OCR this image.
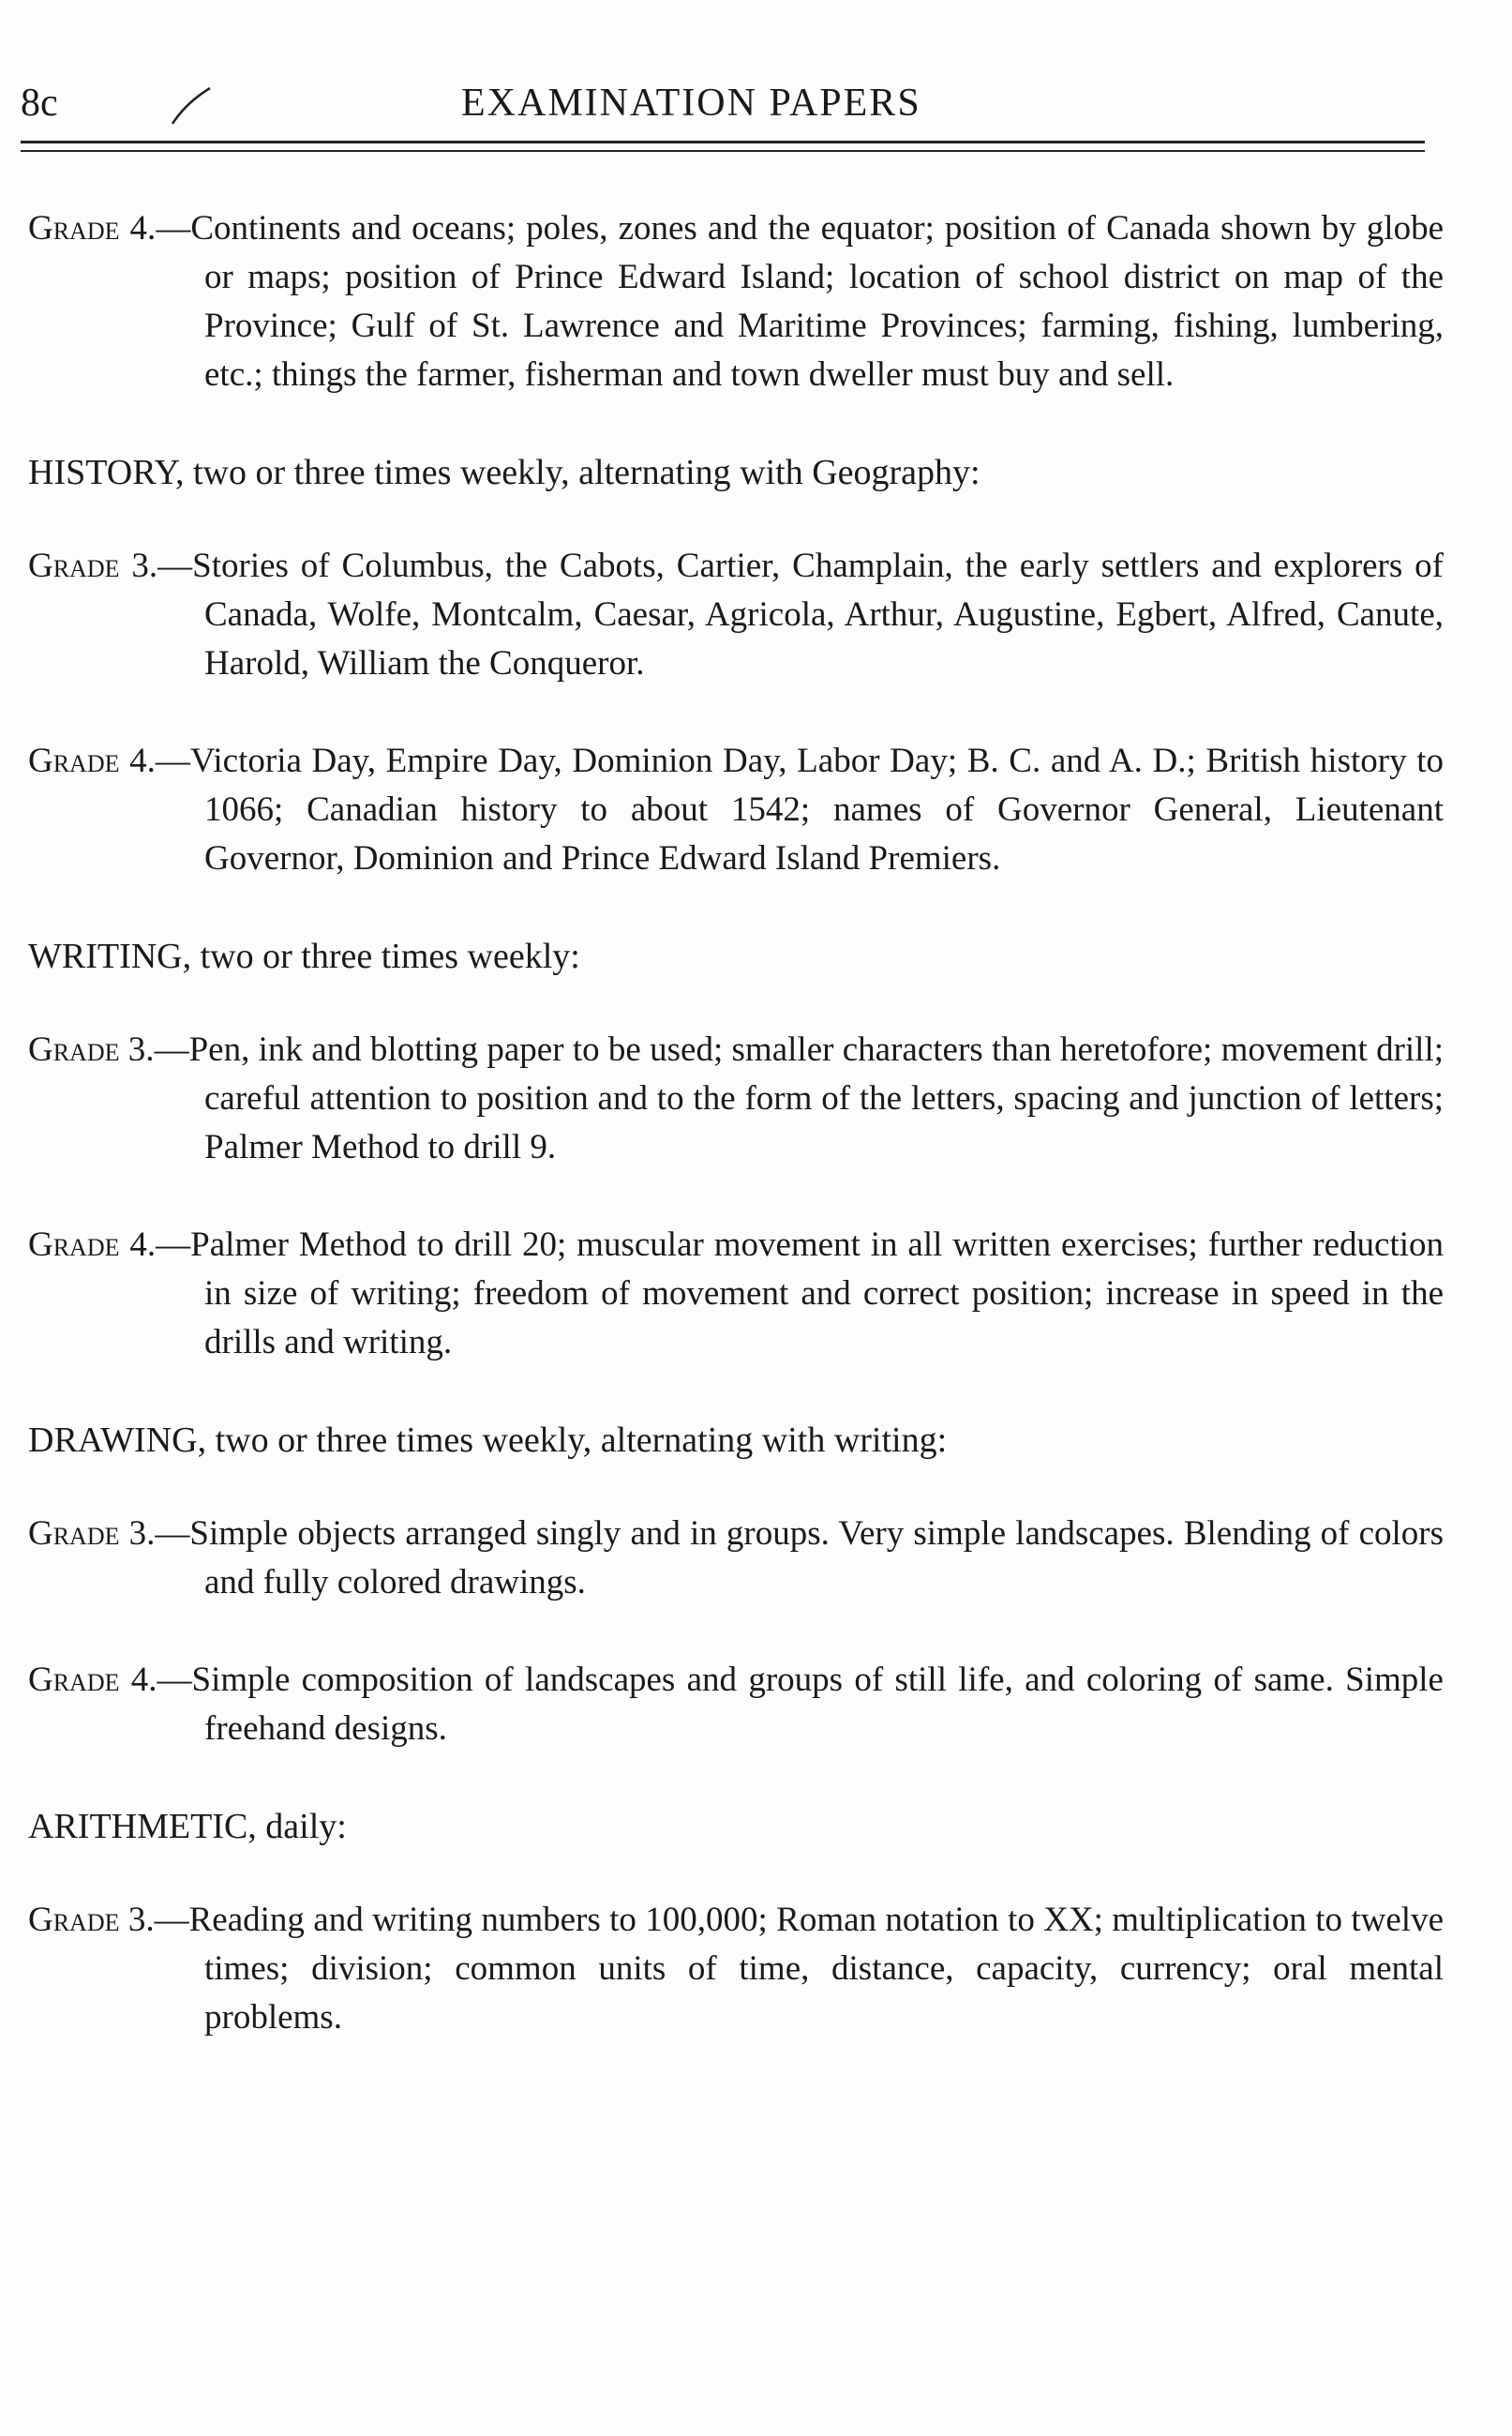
8c	EXAMINATION PAPERS

Grade 4.—Continents and oceans; poles, zones and the equator; position of Canada shown by globe or maps; position of Prince Edward Island; location of school district on map of the Province; Gulf of St. Lawrence and Maritime Provinces; farming, fishing, lumbering, etc.; things the farmer, fisherman and town dweller must buy and sell.

HISTORY, two or three times weekly, alternating with Geography:

Grade 3.—Stories of Columbus, the Cabots, Cartier, Champlain, the early settlers and explorers of Canada, Wolfe, Montcalm, Caesar, Agricola, Arthur, Augustine, Egbert, Alfred, Canute, Harold, William the Conqueror.

Grade 4.—Victoria Day, Empire Day, Dominion Day, Labor Day; B. C. and A. D.; British history to 1066; Canadian history to about 1542; names of Governor General, Lieutenant Governor, Dominion and Prince Edward Island Premiers.

WRITING, two or three times weekly:

Grade 3.—Pen, ink and blotting paper to be used; smaller characters than heretofore; movement drill; careful attention to position and to the form of the letters, spacing and junction of letters; Palmer Method to drill 9.

Grade 4.—Palmer Method to drill 20; muscular movement in all written exercises; further reduction in size of writing; freedom of movement and correct position; increase in speed in the drills and writing.

DRAWING, two or three times weekly, alternating with writing:

Grade 3.—Simple objects arranged singly and in groups. Very simple landscapes. Blending of colors and fully colored drawings.

Grade 4.—Simple composition of landscapes and groups of still life, and coloring of same. Simple freehand designs.

ARITHMETIC, daily:

Grade 3.—Reading and writing numbers to 100,000; Roman notation to XX; multiplication to twelve times; division; common units of time, distance, capacity, currency; oral mental problems.
